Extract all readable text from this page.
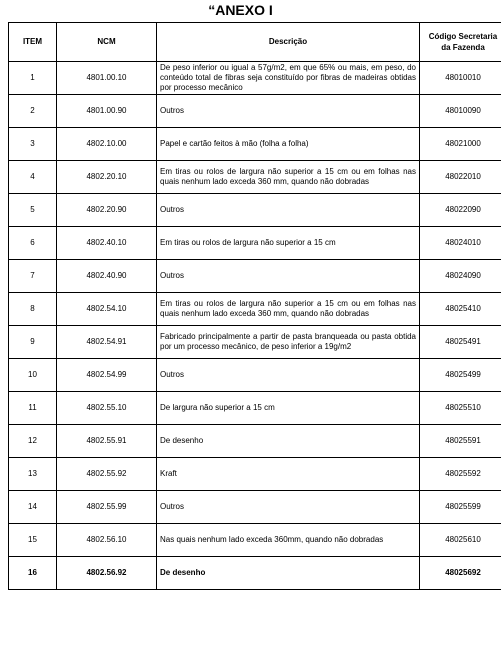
“ANEXO I
ITEM	NCM	Descrição	Código Secretaria da Fazenda
1	4801.00.10	De peso inferior ou igual a 57g/m2, em que 65% ou mais, em peso, do conteúdo total de fibras seja constituído por fibras de madeiras obtidas por processo mecânico	48010010
2	4801.00.90	Outros	48010090
3	4802.10.00	Papel e cartão feitos à mão (folha a folha)	48021000
4	4802.20.10	Em tiras ou rolos de largura não superior a 15 cm ou em folhas nas quais nenhum lado exceda 360 mm, quando não dobradas	48022010
5	4802.20.90	Outros	48022090
6	4802.40.10	Em tiras ou rolos de largura não superior a 15 cm	48024010
7	4802.40.90	Outros	48024090
8	4802.54.10	Em tiras ou rolos de largura não superior a 15 cm ou em folhas nas quais nenhum lado exceda 360 mm, quando não dobradas	48025410
9	4802.54.91	Fabricado principalmente a partir de pasta branqueada ou pasta obtida por um processo mecânico, de peso inferior a 19g/m2	48025491
10	4802.54.99	Outros	48025499
11	4802.55.10	De largura não superior a 15 cm	48025510
12	4802.55.91	De desenho	48025591
13	4802.55.92	Kraft	48025592
14	4802.55.99	Outros	48025599
15	4802.56.10	Nas quais nenhum lado exceda 360mm, quando não dobradas	48025610
16	4802.56.92	De desenho	48025692
